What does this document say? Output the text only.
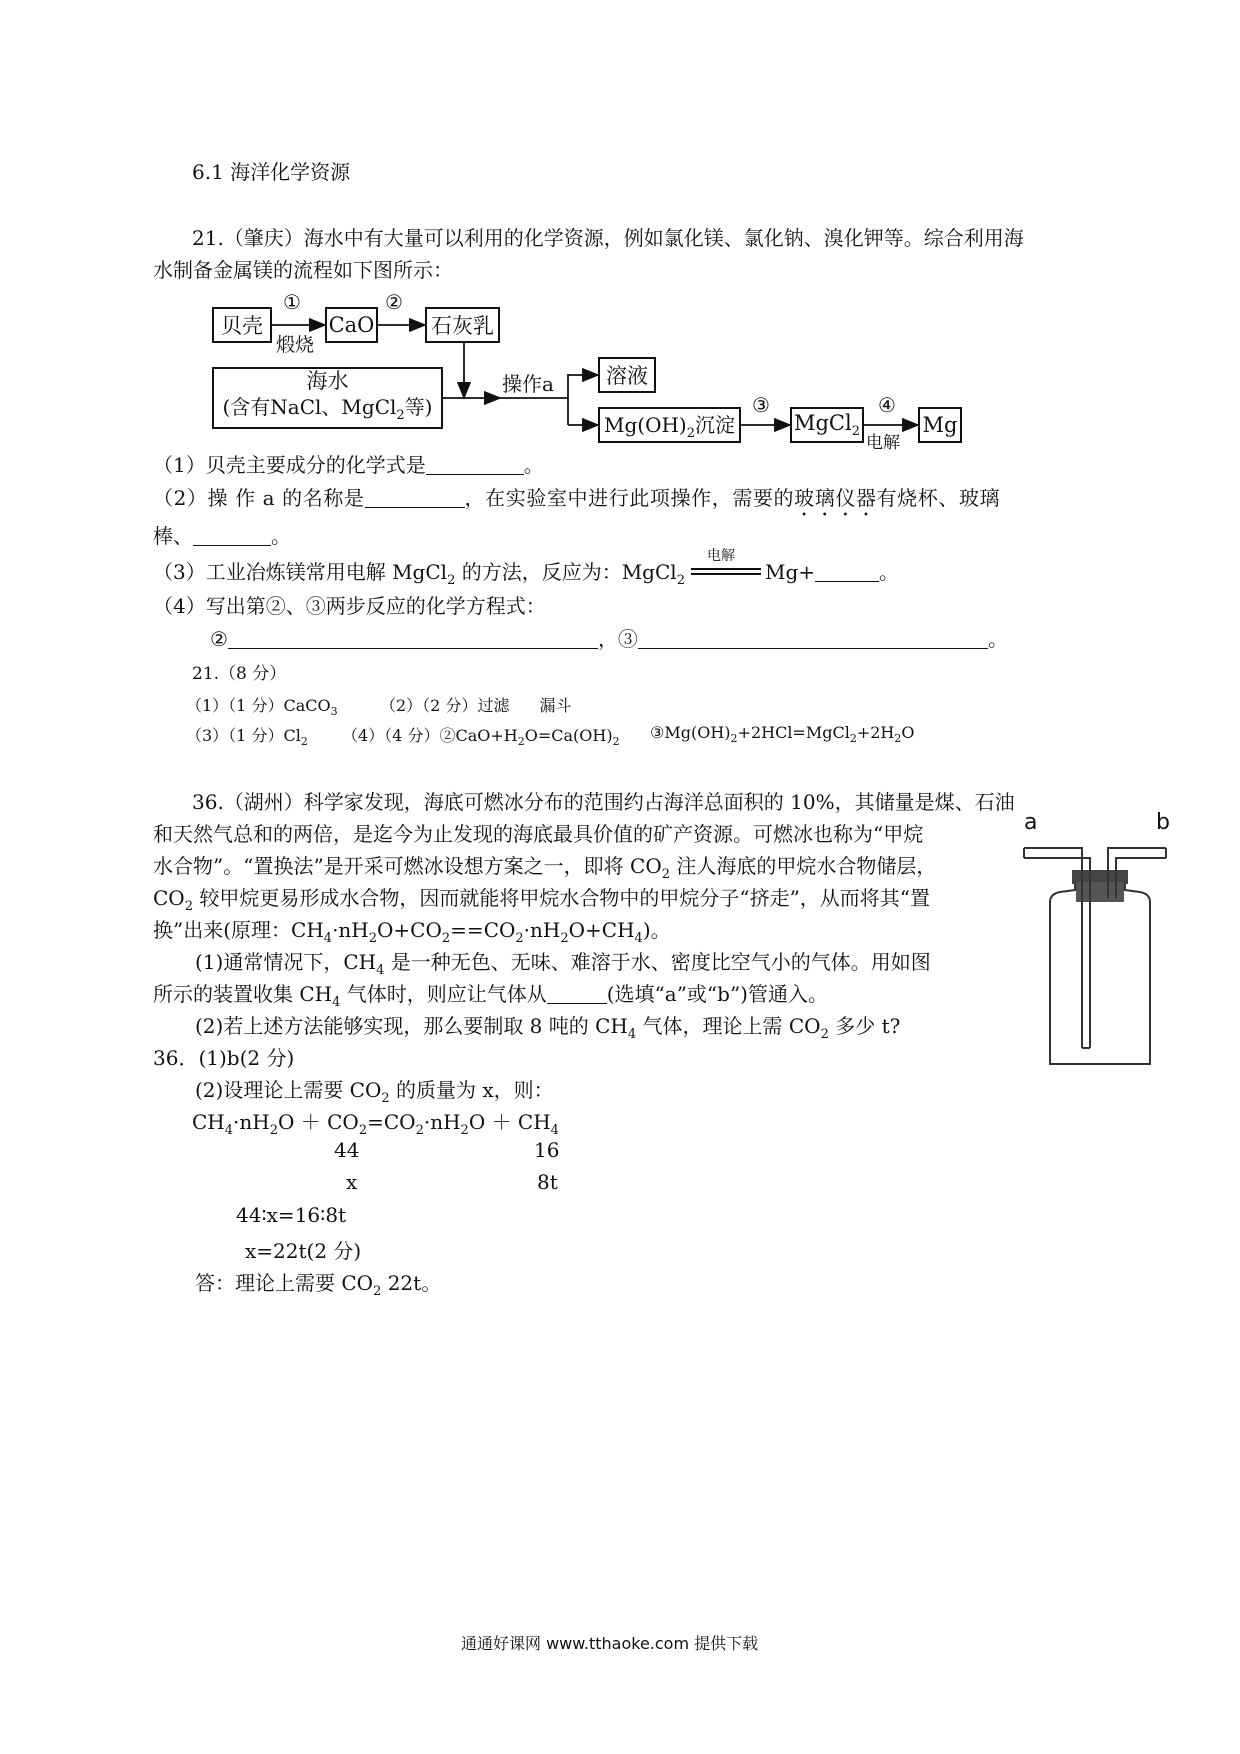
6.1 海洋化学资源
21.（肇庆）海水中有大量可以利用的化学资源，例如氯化镁、氯化钠、溴化钾等。综合利用海
水制备金属镁的流程如下图所示：
贝壳
①
煅烧
CaO
②
石灰乳
海水
(含有NaCl、MgCl$_2$等)
操作a 溶液
$Mg(OH)_2$沉淀
③
MgCl$_2$
④
电解
Mg
（1）贝壳主要成分的化学式是	。
（2）操 作 a 的名称是	，在实验室中进行此项操作，需要的玻璃仪器有烧杯、玻璃
棒、	。
（3）工业冶炼镁常用电解 MgCl$_2$ 的方法，反应为：MgCl$_2$
电解
Mg+	。
（4）写出第②、③两步反应的化学方程式：
②	，③	。
21.（8 分）
（1）（1 分）CaCO$_3$	（2）（2 分）过滤 漏斗
（3）（1 分）$Cl_2$ （4）（4 分）$②CaO+H_2O=Ca(OH)_2$ $③Mg(OH)_2+2HCl=MgCl_2+2H_2O$
36.（湖州）科学家发现，海底可燃冰分布的范围约占海洋总面积的 10%，其储量是煤、石油
和天然气总和的两倍，是迄今为止发现的海底最具价值的矿产资源。可燃冰也称为“甲烷
水合物”。“置换法”是开采可燃冰设想方案之一，即将 $CO_2$ 注人海底的甲烷水合物储层，
$CO_2$ 较甲烷更易形成水合物，因而就能将甲烷水合物中的甲烷分子“挤走”，从而将其“置
换”出来(原理：$CH_4\cdot nH_2O+CO_2==CO_2\cdot nH_2O+CH_4$)。
(1)通常情况下，$CH_4$ 是一种无色、无味、难溶于水、密度比空气小的气体。用如图
所示的装置收集 $CH_4$ 气体时，则应让气体从	(选填“a”或“b”)管通入。
(2)若上述方法能够实现，那么要制取 8 吨的 $CH_4$ 气体，理论上需 $CO_2$ 多少 t?
a	b
36．(1)b(2 分)
(2)设理论上需要 $CO_2$ 的质量为 x，则：
$CH_4\cdot nH_2O + CO_2=CO_2\cdot nH_2O + CH_4$
44	16
x	8t
44∶x=16∶8t
x=22t(2 分)
答：理论上需要 $CO_2$ 22t。
通通好课网 www.tthaoke.com 提供下载
